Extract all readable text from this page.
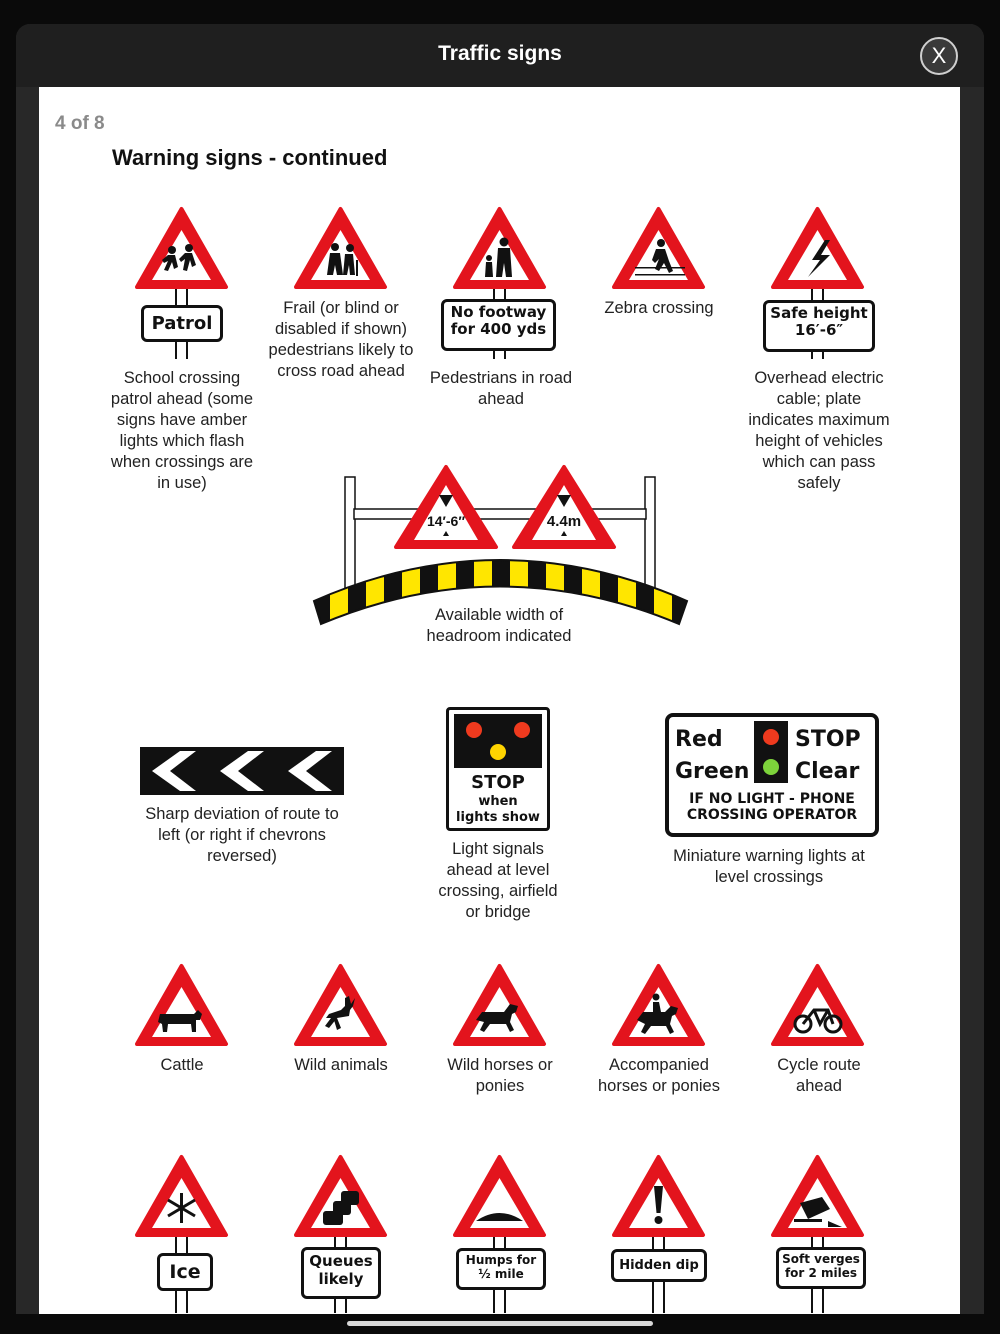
Traffic signs	X
4 of 8
Warning signs - continued
Patrol
School crossing patrol ahead (some signs have amber lights which flash when crossings are in use)
Frail (or blind or disabled if shown) pedestrians likely to cross road ahead
No footway
for 400 yds
Pedestrians in road ahead
Zebra crossing	Safe height
16′-6″
Overhead electric cable; plate indicates maximum height of vehicles which can pass safely
14′-6″	4.4m
Available width of headroom indicated
Sharp deviation of route to left (or right if chevrons reversed)
STOP
when
lights show
Light signals ahead at level crossing, airfield or bridge
Red	STOP
Green Clear
IF NO LIGHT - PHONE
CROSSING OPERATOR
Miniature warning lights at level crossings
Cattle	Wild animals	Wild horses or ponies
Accompanied horses or ponies
Cycle route ahead
Ice	Queues
likely
Humps for
½ mile
Hidden dip	Soft verges
for 2 miles
